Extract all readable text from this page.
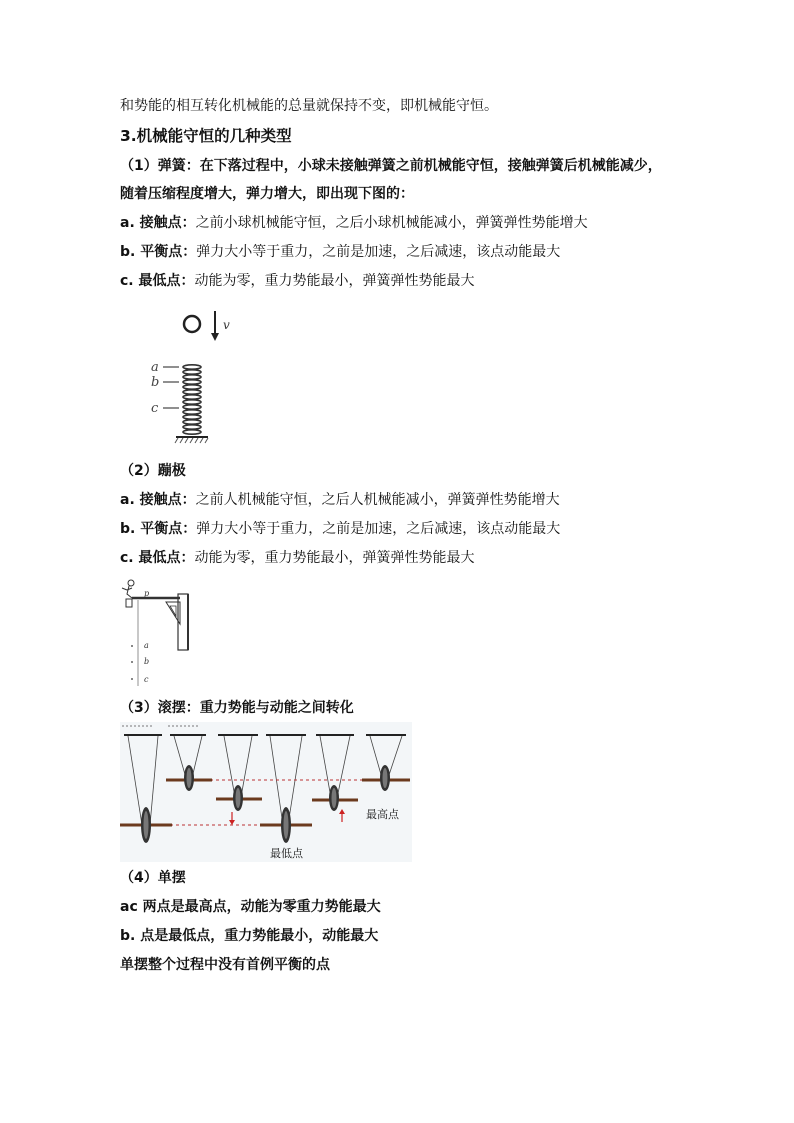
和势能的相互转化机械能的总量就保持不变，即机械能守恒。
3.机械能守恒的几种类型
（1）弹簧：在下落过程中，小球未接触弹簧之前机械能守恒，接触弹簧后机械能减少，
随着压缩程度增大，弹力增大，即出现下图的：
a. 接触点：之前小球机械能守恒，之后小球机械能减小，弹簧弹性势能增大
b. 平衡点：弹力大小等于重力，之前是加速，之后减速，该点动能最大
c. 最低点：动能为零，重力势能最小，弹簧弹性势能最大
v
a
b
c
（2）蹦极
a. 接触点：之前人机械能守恒，之后人机械能减小，弹簧弹性势能增大
b. 平衡点：弹力大小等于重力，之前是加速，之后减速，该点动能最大
c. 最低点：动能为零，重力势能最小，弹簧弹性势能最大
p
a
b
c
（3）滚摆：重力势能与动能之间转化
最高点
最低点
（4）单摆
ac 两点是最高点，动能为零重力势能最大
b. 点是最低点，重力势能最小，动能最大
单摆整个过程中没有首例平衡的点
